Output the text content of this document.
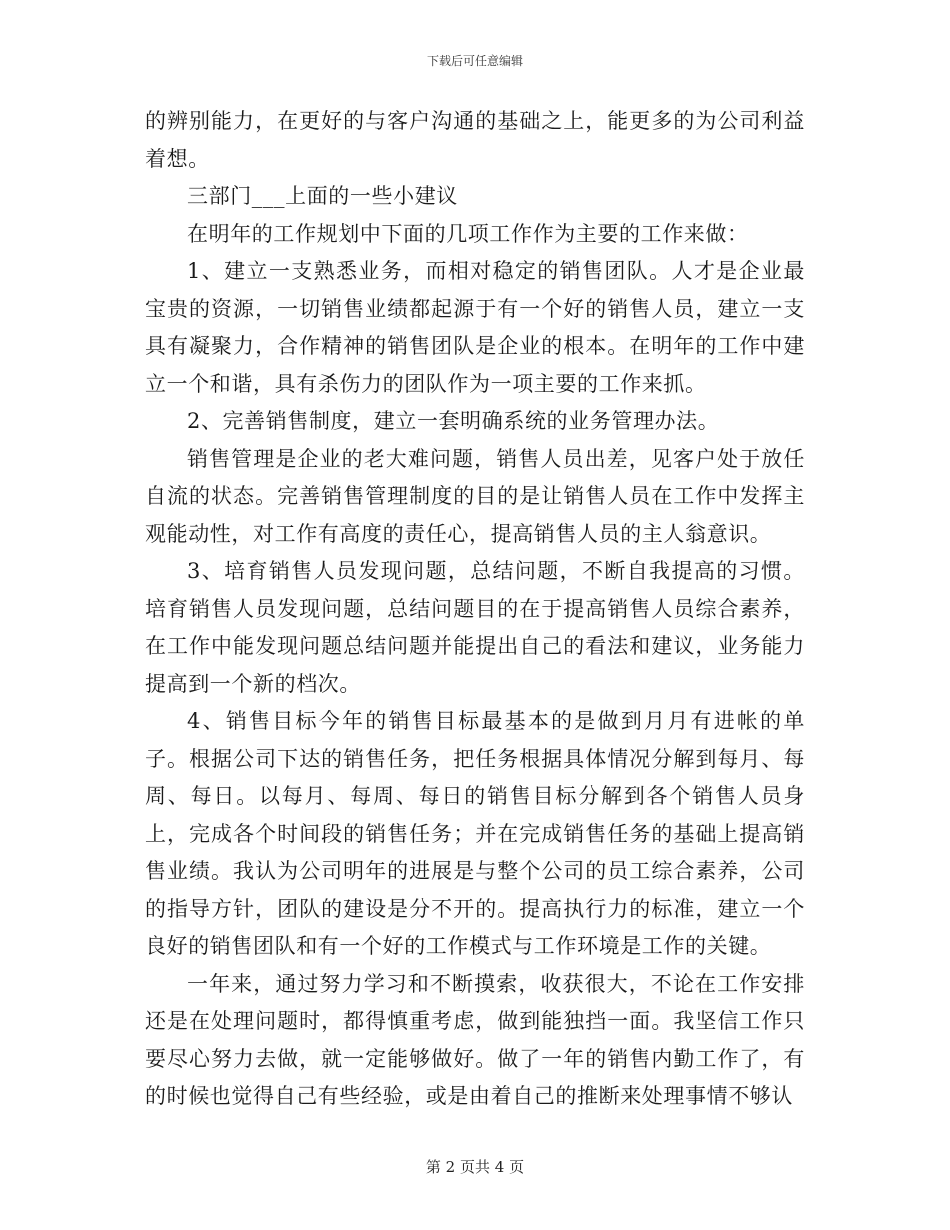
下载后可任意编辑

的辨别能力，在更好的与客户沟通的基础之上，能更多的为公司利益着想。

三部门___上面的一些小建议

在明年的工作规划中下面的几项工作作为主要的工作来做：

1、建立一支熟悉业务，而相对稳定的销售团队。人才是企业最宝贵的资源，一切销售业绩都起源于有一个好的销售人员，建立一支具有凝聚力，合作精神的销售团队是企业的根本。在明年的工作中建立一个和谐，具有杀伤力的团队作为一项主要的工作来抓。

2、完善销售制度，建立一套明确系统的业务管理办法。

销售管理是企业的老大难问题，销售人员出差，见客户处于放任自流的状态。完善销售管理制度的目的是让销售人员在工作中发挥主观能动性，对工作有高度的责任心，提高销售人员的主人翁意识。

3、培育销售人员发现问题，总结问题，不断自我提高的习惯。培育销售人员发现问题，总结问题目的在于提高销售人员综合素养，在工作中能发现问题总结问题并能提出自己的看法和建议，业务能力提高到一个新的档次。

4、销售目标今年的销售目标最基本的是做到月月有进帐的单子。根据公司下达的销售任务，把任务根据具体情况分解到每月、每周、每日。以每月、每周、每日的销售目标分解到各个销售人员身上，完成各个时间段的销售任务；并在完成销售任务的基础上提高销售业绩。我认为公司明年的进展是与整个公司的员工综合素养，公司的指导方针，团队的建设是分不开的。提高执行力的标准，建立一个良好的销售团队和有一个好的工作模式与工作环境是工作的关键。

一年来，通过努力学习和不断摸索，收获很大，不论在工作安排还是在处理问题时，都得慎重考虑，做到能独挡一面。我坚信工作只要尽心努力去做，就一定能够做好。做了一年的销售内勤工作了，有的时候也觉得自己有些经验，或是由着自己的推断来处理事情不够认

第 2 页共 4 页
